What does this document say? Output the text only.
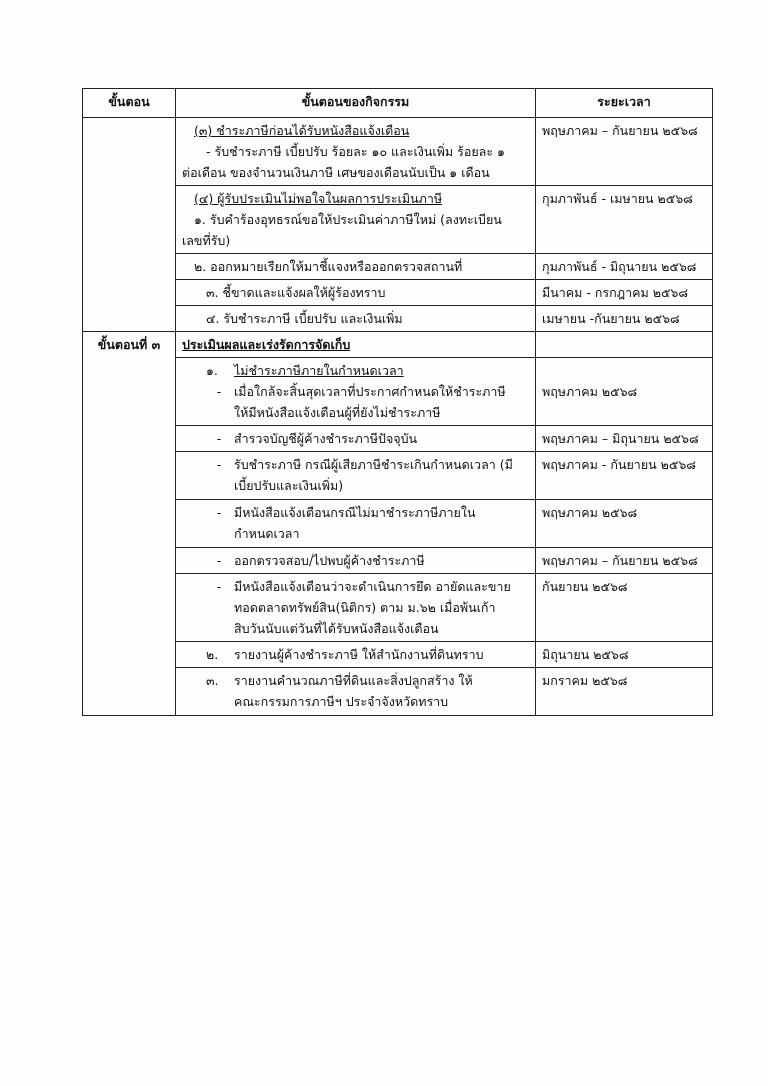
ขั้นตอน	ขั้นตอนของกิจกรรม	ระยะเวลา

	(๓) ชำระภาษีก่อนได้รับหนังสือแจ้งเตือน
- รับชำระภาษี เบี้ยปรับ ร้อยละ ๑๐ และเงินเพิ่ม ร้อยละ ๑
ต่อเดือน ของจำนวนเงินภาษี เศษของเดือนนับเป็น ๑ เดือน	พฤษภาคม – กันยายน ๒๕๖๘

	(๔) ผู้รับประเมินไม่พอใจในผลการประเมินภาษี
๑. รับคำร้องอุทธรณ์ขอให้ประเมินค่าภาษีใหม่ (ลงทะเบียน
เลขที่รับ)	กุมภาพันธ์ - เมษายน ๒๕๖๘

	๒. ออกหมายเรียกให้มาชี้แจงหรือออกตรวจสถานที่	กุมภาพันธ์ - มิถุนายน ๒๕๖๘

	๓. ชี้ขาดและแจ้งผลให้ผู้ร้องทราบ	มีนาคม - กรกฎาคม ๒๕๖๘

	๔. รับชำระภาษี เบี้ยปรับ และเงินเพิ่ม	เมษายน -กันยายน ๒๕๖๘
ขั้นตอนที่ ๓	ประเมินผลและเร่งรัดการจัดเก็บ	

	๑. ไม่ชำระภาษีภายในกำหนดเวลา
- เมื่อใกล้จะสิ้นสุดเวลาที่ประกาศกำหนดให้ชำระภาษี
ให้มีหนังสือแจ้งเตือนผู้ที่ยังไม่ชำระภาษี	พฤษภาคม ๒๕๖๘

	- สำรวจบัญชีผู้ค้างชำระภาษีปัจจุบัน	พฤษภาคม – มิถุนายน ๒๕๖๘

	- รับชำระภาษี กรณีผู้เสียภาษีชำระเกินกำหนดเวลา (มี
เบี้ยปรับและเงินเพิ่ม)	พฤษภาคม - กันยายน ๒๕๖๘

	- มีหนังสือแจ้งเตือนกรณีไม่มาชำระภาษีภายใน
กำหนดเวลา	พฤษภาคม ๒๕๖๘

	- ออกตรวจสอบ/ไปพบผู้ค้างชำระภาษี	พฤษภาคม – กันยายน ๒๕๖๘

	- มีหนังสือแจ้งเตือนว่าจะดำเนินการยึด อายัดและขาย
ทอดตลาดทรัพย์สิน(นิติกร) ตาม ม.๖๒ เมื่อพ้นเก้า
สิบวันนับแต่วันที่ได้รับหนังสือแจ้งเตือน	กันยายน ๒๕๖๘

	๒. รายงานผู้ค้างชำระภาษี ให้สำนักงานที่ดินทราบ	มิถุนายน ๒๕๖๘

	๓. รายงานคำนวณภาษีที่ดินและสิ่งปลูกสร้าง ให้
คณะกรรมการภาษีฯ ประจำจังหวัดทราบ	มกราคม ๒๕๖๘
